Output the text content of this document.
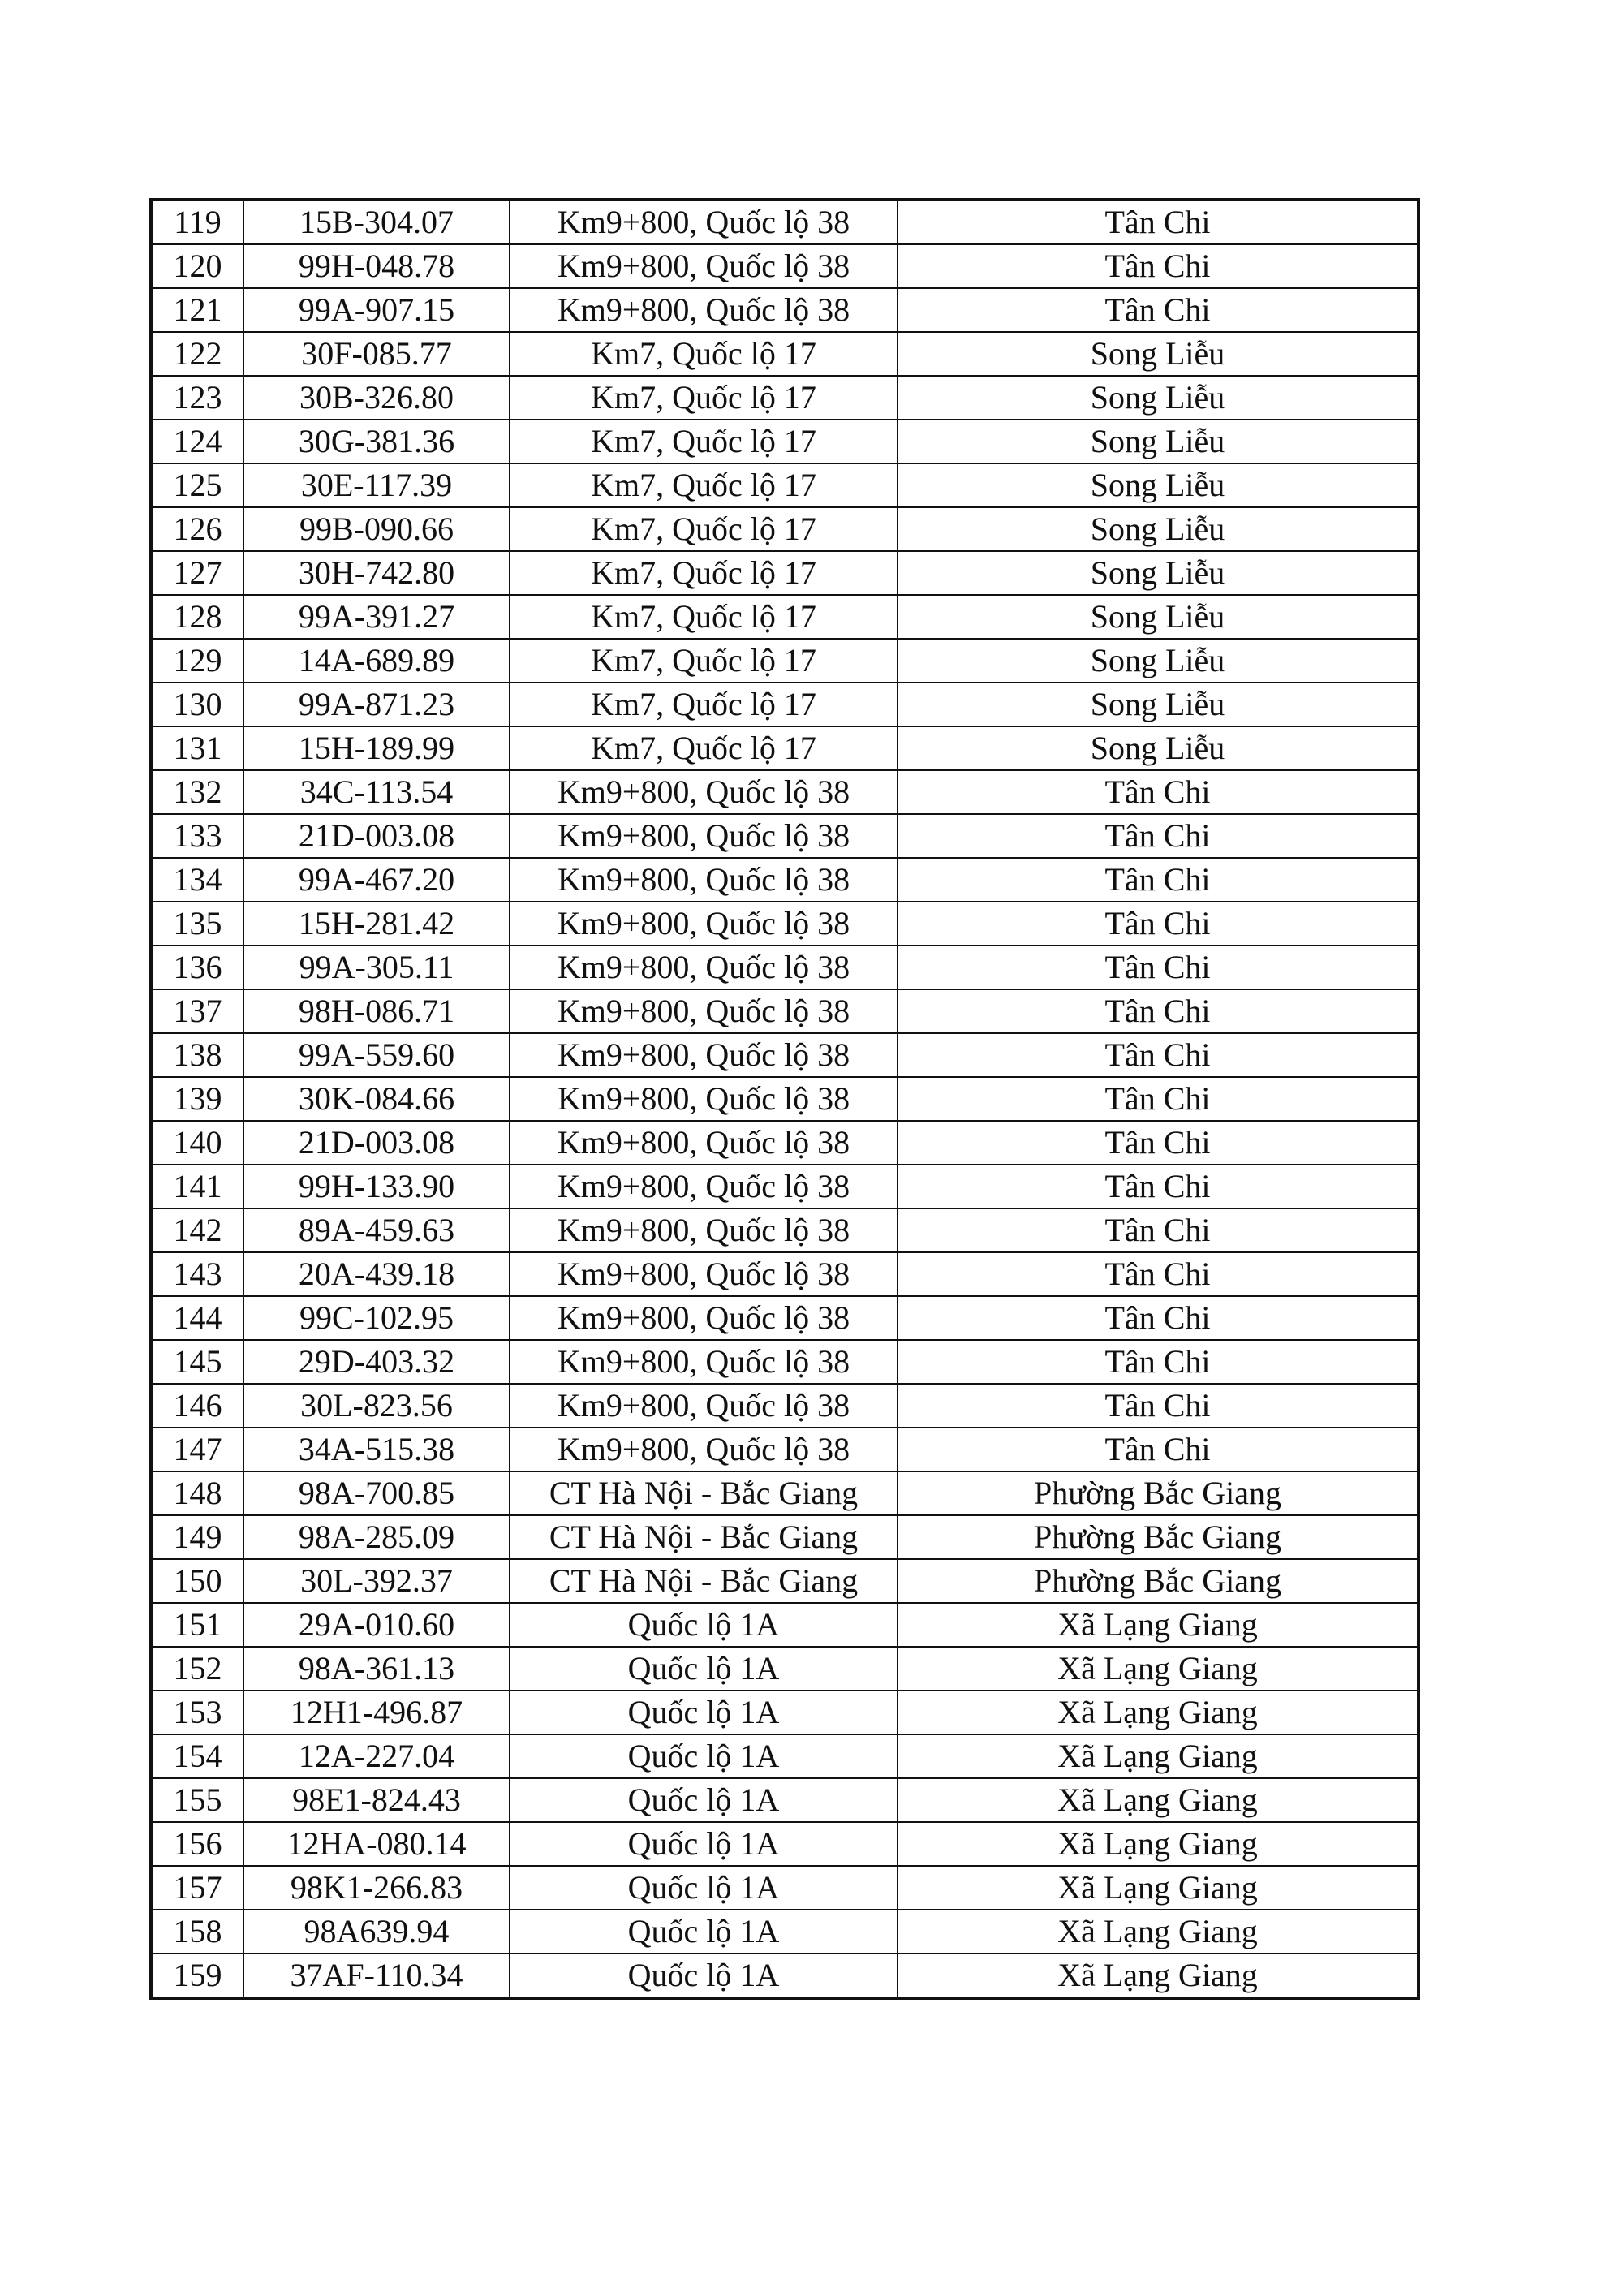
119	15B-304.07	Km9+800, Quốc lộ 38	Tân Chi
120	99H-048.78	Km9+800, Quốc lộ 38	Tân Chi
121	99A-907.15	Km9+800, Quốc lộ 38	Tân Chi
122	30F-085.77	Km7, Quốc lộ 17	Song Liễu
123	30B-326.80	Km7, Quốc lộ 17	Song Liễu
124	30G-381.36	Km7, Quốc lộ 17	Song Liễu
125	30E-117.39	Km7, Quốc lộ 17	Song Liễu
126	99B-090.66	Km7, Quốc lộ 17	Song Liễu
127	30H-742.80	Km7, Quốc lộ 17	Song Liễu
128	99A-391.27	Km7, Quốc lộ 17	Song Liễu
129	14A-689.89	Km7, Quốc lộ 17	Song Liễu
130	99A-871.23	Km7, Quốc lộ 17	Song Liễu
131	15H-189.99	Km7, Quốc lộ 17	Song Liễu
132	34C-113.54	Km9+800, Quốc lộ 38	Tân Chi
133	21D-003.08	Km9+800, Quốc lộ 38	Tân Chi
134	99A-467.20	Km9+800, Quốc lộ 38	Tân Chi
135	15H-281.42	Km9+800, Quốc lộ 38	Tân Chi
136	99A-305.11	Km9+800, Quốc lộ 38	Tân Chi
137	98H-086.71	Km9+800, Quốc lộ 38	Tân Chi
138	99A-559.60	Km9+800, Quốc lộ 38	Tân Chi
139	30K-084.66	Km9+800, Quốc lộ 38	Tân Chi
140	21D-003.08	Km9+800, Quốc lộ 38	Tân Chi
141	99H-133.90	Km9+800, Quốc lộ 38	Tân Chi
142	89A-459.63	Km9+800, Quốc lộ 38	Tân Chi
143	20A-439.18	Km9+800, Quốc lộ 38	Tân Chi
144	99C-102.95	Km9+800, Quốc lộ 38	Tân Chi
145	29D-403.32	Km9+800, Quốc lộ 38	Tân Chi
146	30L-823.56	Km9+800, Quốc lộ 38	Tân Chi
147	34A-515.38	Km9+800, Quốc lộ 38	Tân Chi
148	98A-700.85	CT Hà Nội - Bắc Giang	Phường Bắc Giang
149	98A-285.09	CT Hà Nội - Bắc Giang	Phường Bắc Giang
150	30L-392.37	CT Hà Nội - Bắc Giang	Phường Bắc Giang
151	29A-010.60	Quốc lộ 1A	Xã Lạng Giang
152	98A-361.13	Quốc lộ 1A	Xã Lạng Giang
153	12H1-496.87	Quốc lộ 1A	Xã Lạng Giang
154	12A-227.04	Quốc lộ 1A	Xã Lạng Giang
155	98E1-824.43	Quốc lộ 1A	Xã Lạng Giang
156	12HA-080.14	Quốc lộ 1A	Xã Lạng Giang
157	98K1-266.83	Quốc lộ 1A	Xã Lạng Giang
158	98A639.94	Quốc lộ 1A	Xã Lạng Giang
159	37AF-110.34	Quốc lộ 1A	Xã Lạng Giang
